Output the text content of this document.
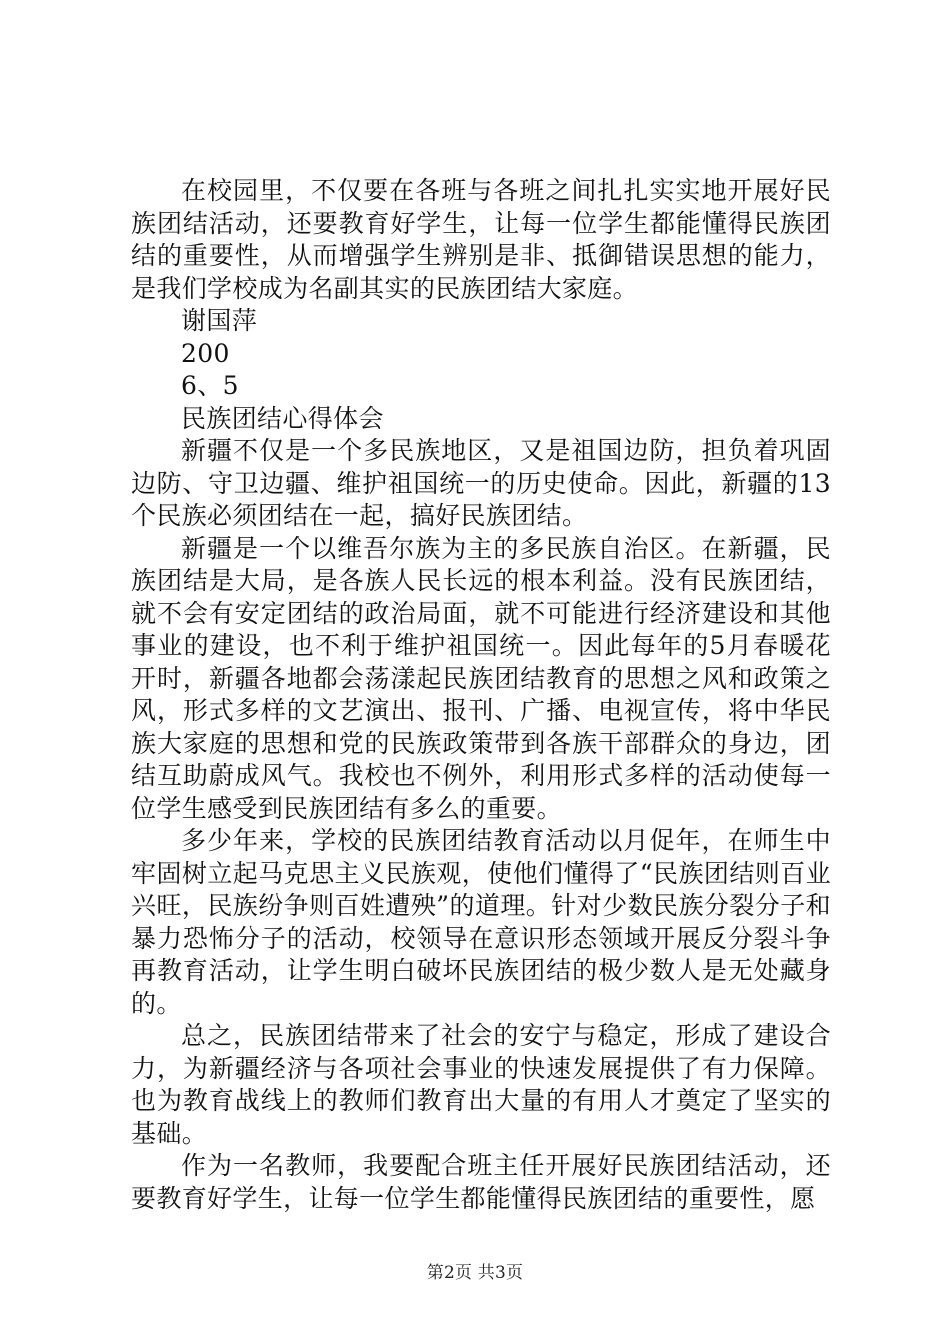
在校园里，不仅要在各班与各班之间扎扎实实地开展好民族团结活动，还要教育好学生，让每一位学生都能懂得民族团结的重要性，从而增强学生辨别是非、抵御错误思想的能力，是我们学校成为名副其实的民族团结大家庭。

谢国萍

200

6、5

民族团结心得体会

新疆不仅是一个多民族地区，又是祖国边防，担负着巩固边防、守卫边疆、维护祖国统一的历史使命。因此，新疆的13个民族必须团结在一起，搞好民族团结。

新疆是一个以维吾尔族为主的多民族自治区。在新疆，民族团结是大局，是各族人民长远的根本利益。没有民族团结，就不会有安定团结的政治局面，就不可能进行经济建设和其他事业的建设，也不利于维护祖国统一。因此每年的5月春暖花开时，新疆各地都会荡漾起民族团结教育的思想之风和政策之风，形式多样的文艺演出、报刊、广播、电视宣传，将中华民族大家庭的思想和党的民族政策带到各族干部群众的身边，团结互助蔚成风气。我校也不例外，利用形式多样的活动使每一位学生感受到民族团结有多么的重要。

多少年来，学校的民族团结教育活动以月促年，在师生中牢固树立起马克思主义民族观，使他们懂得了“民族团结则百业兴旺，民族纷争则百姓遭殃”的道理。针对少数民族分裂分子和暴力恐怖分子的活动，校领导在意识形态领域开展反分裂斗争再教育活动，让学生明白破坏民族团结的极少数人是无处藏身的。

总之，民族团结带来了社会的安宁与稳定，形成了建设合力，为新疆经济与各项社会事业的快速发展提供了有力保障。也为教育战线上的教师们教育出大量的有用人才奠定了坚实的基础。

作为一名教师，我要配合班主任开展好民族团结活动，还要教育好学生，让每一位学生都能懂得民族团结的重要性，愿

第2页 共3页
